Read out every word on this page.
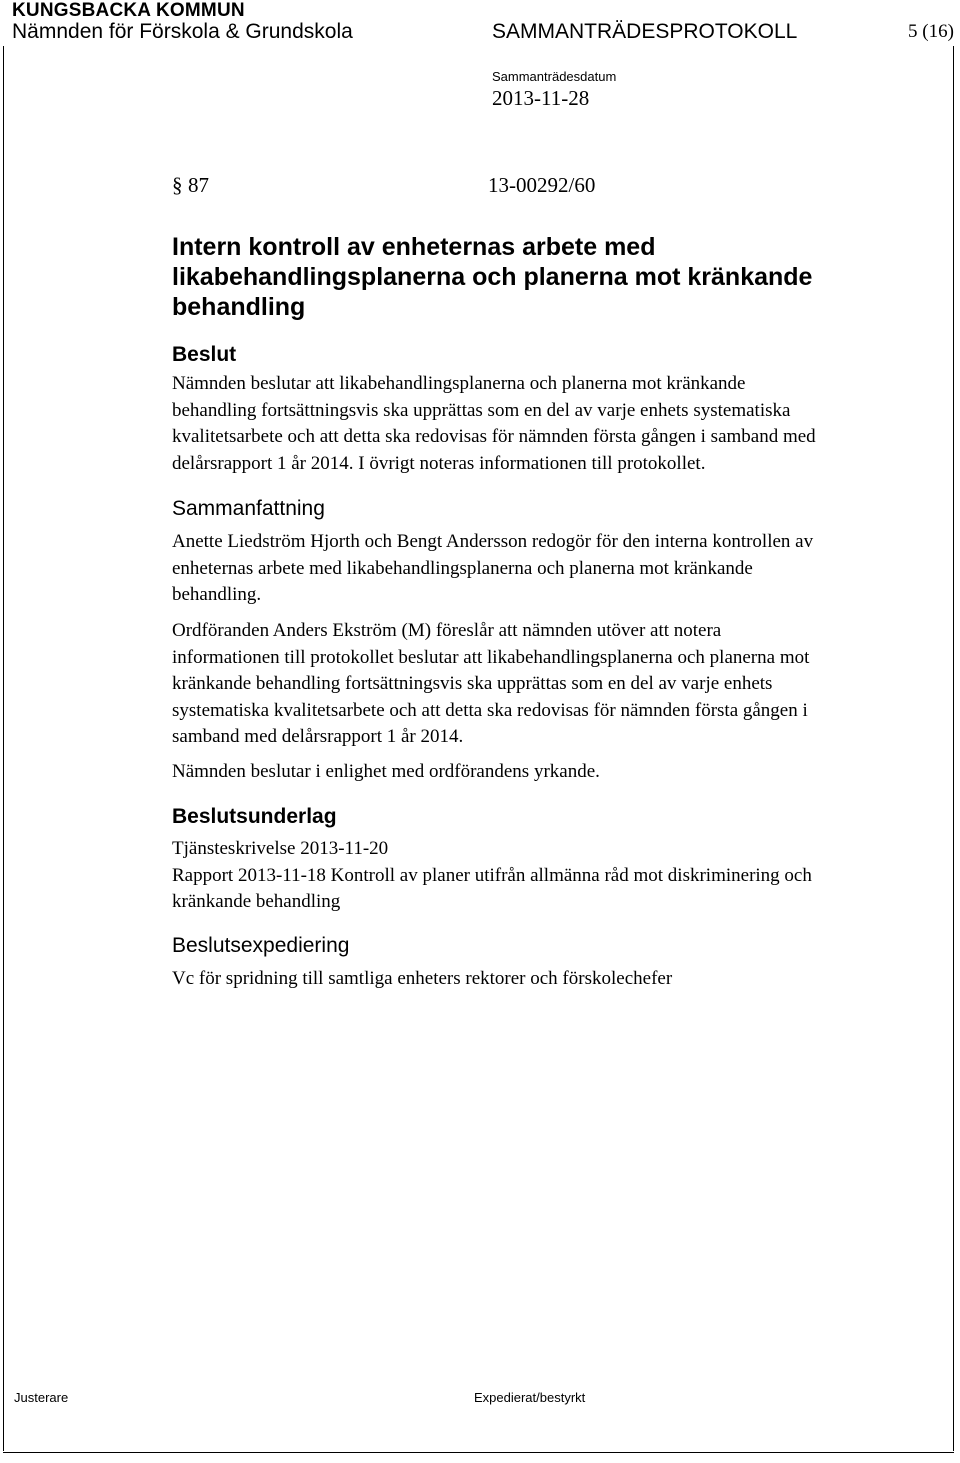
KUNGSBACKA KOMMUN
Nämnden för Förskola & Grundskola	SAMMANTRÄDESPROTOKOLL	5 (16)
Sammanträdesdatum
2013-11-28
§ 87	13-00292/60
Intern kontroll av enheternas arbete med
likabehandlingsplanerna och planerna mot kränkande
behandling
Beslut
Nämnden beslutar att likabehandlingsplanerna och planerna mot kränkande
behandling fortsättningsvis ska upprättas som en del av varje enhets systematiska
kvalitetsarbete och att detta ska redovisas för nämnden första gången i samband med
delårsrapport 1 år 2014. I övrigt noteras informationen till protokollet.
Sammanfattning
Anette Liedström Hjorth och Bengt Andersson redogör för den interna kontrollen av
enheternas arbete med likabehandlingsplanerna och planerna mot kränkande
behandling.
Ordföranden Anders Ekström (M) föreslår att nämnden utöver att notera
informationen till protokollet beslutar att likabehandlingsplanerna och planerna mot
kränkande behandling fortsättningsvis ska upprättas som en del av varje enhets
systematiska kvalitetsarbete och att detta ska redovisas för nämnden första gången i
samband med delårsrapport 1 år 2014.
Nämnden beslutar i enlighet med ordförandens yrkande.
Beslutsunderlag
Tjänsteskrivelse 2013-11-20
Rapport 2013-11-18 Kontroll av planer utifrån allmänna råd mot diskriminering och
kränkande behandling
Beslutsexpediering
Vc för spridning till samtliga enheters rektorer och förskolechefer
Justerare	Expedierat/bestyrkt
